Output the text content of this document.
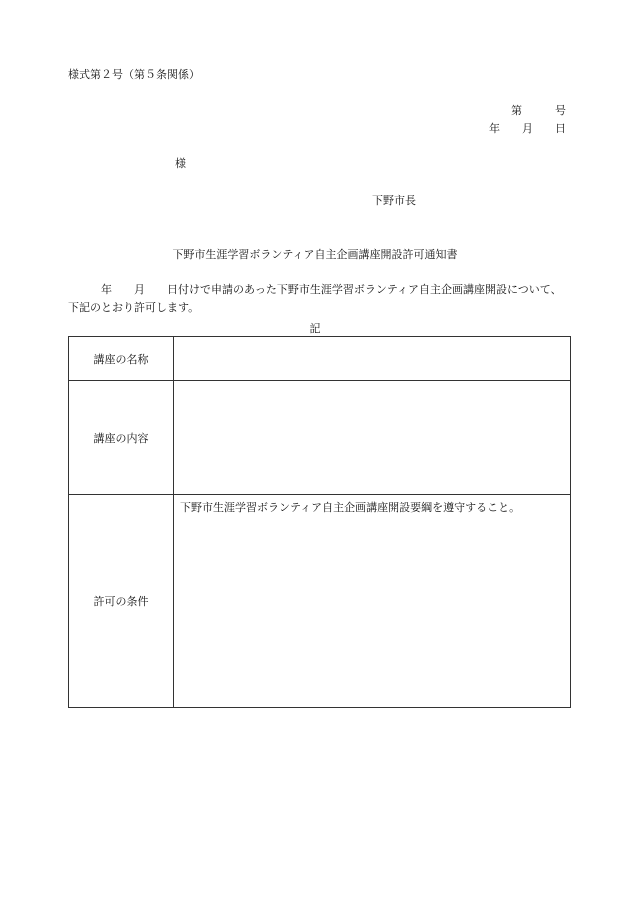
様式第２号（第５条関係）
第　　　号
年　　月　　日
様
下野市長
下野市生涯学習ボランティア自主企画講座開設許可通知書
　　　年　　月　　日付けで申請のあった下野市生涯学習ボランティア自主企画講座開設について、下記のとおり許可します。
記
講座の名称	
講座の内容	
許可の条件	下野市生涯学習ボランティア自主企画講座開設要綱を遵守すること。
